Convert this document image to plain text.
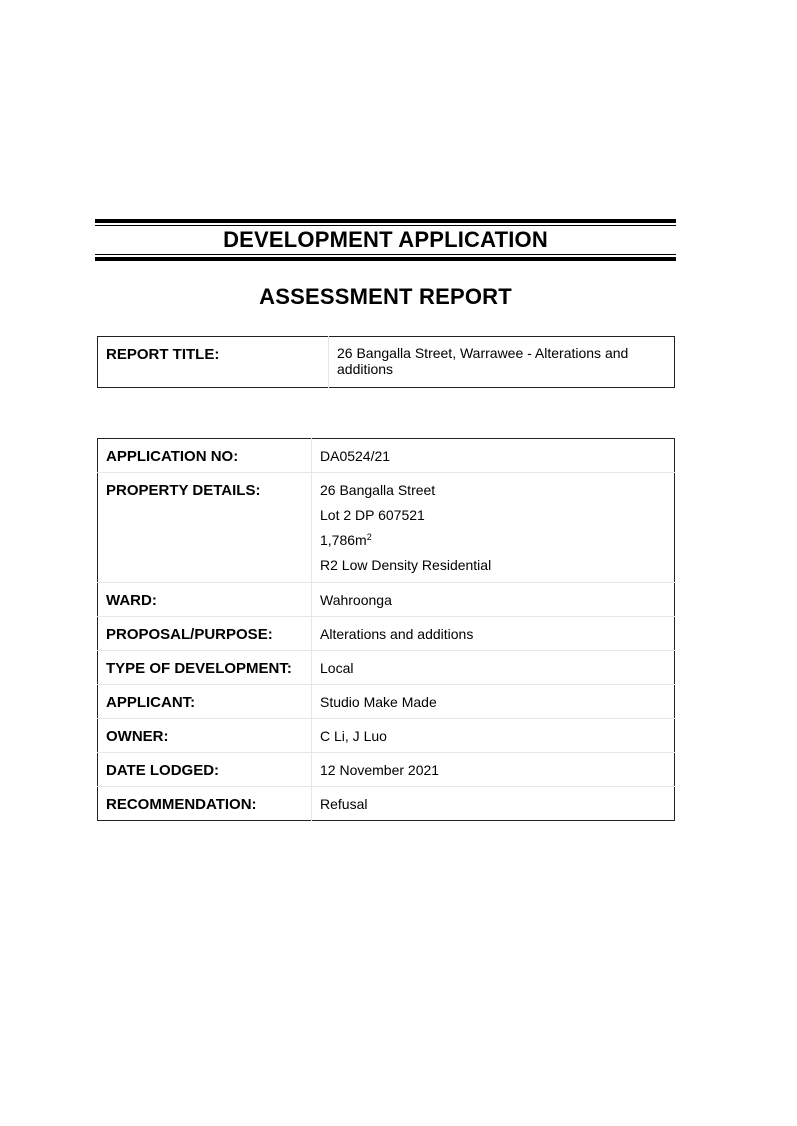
DEVELOPMENT APPLICATION
ASSESSMENT REPORT
REPORT TITLE:	26 Bangalla Street, Warrawee - Alterations and additions
APPLICATION NO:	DA0524/21
PROPERTY DETAILS:	26 Bangalla Street
Lot 2 DP 607521
$1,786m^2$
R2 Low Density Residential

WARD:	Wahroonga
PROPOSAL/PURPOSE:	Alterations and additions
TYPE OF DEVELOPMENT:	Local
APPLICANT:	Studio Make Made
OWNER:	C Li, J Luo
DATE LODGED:	12 November 2021
RECOMMENDATION:	Refusal
